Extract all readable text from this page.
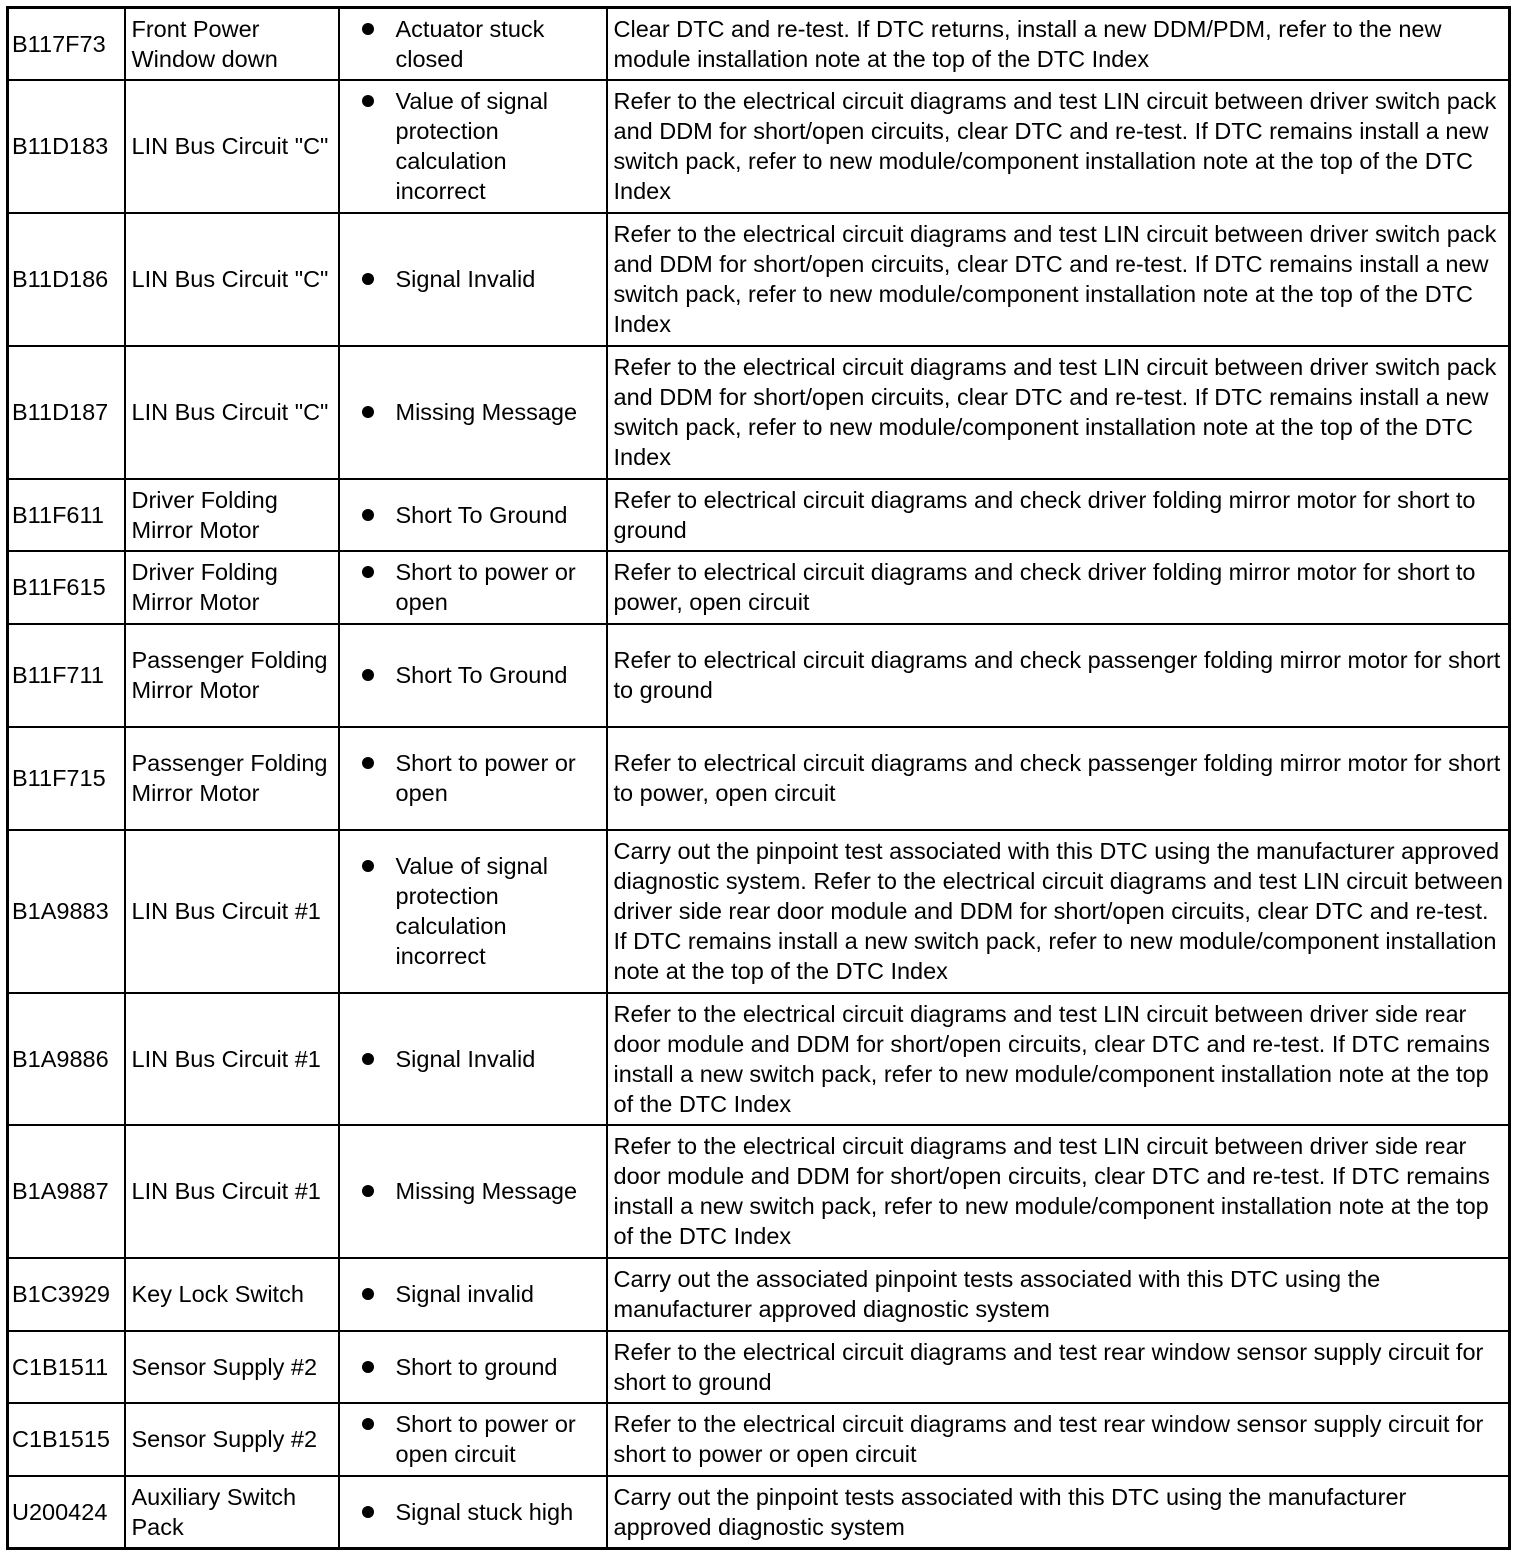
B117F73	Front Power Window down	Actuator stuck closed	Clear DTC and re-test. If DTC returns, install a new DDM/PDM, refer to the new module installation note at the top of the DTC Index
B11D183	LIN Bus Circuit "C"	Value of signal protection calculation incorrect	Refer to the electrical circuit diagrams and test LIN circuit between driver switch pack and DDM for short/open circuits, clear DTC and re-test. If DTC remains install a new switch pack, refer to new module/component installation note at the top of the DTC Index
B11D186	LIN Bus Circuit "C"	Signal Invalid	Refer to the electrical circuit diagrams and test LIN circuit between driver switch pack and DDM for short/open circuits, clear DTC and re-test. If DTC remains install a new switch pack, refer to new module/component installation note at the top of the DTC Index
B11D187	LIN Bus Circuit "C"	Missing Message	Refer to the electrical circuit diagrams and test LIN circuit between driver switch pack and DDM for short/open circuits, clear DTC and re-test. If DTC remains install a new switch pack, refer to new module/component installation note at the top of the DTC Index
B11F611	Driver Folding Mirror Motor	Short To Ground	Refer to electrical circuit diagrams and check driver folding mirror motor for short to ground
B11F615	Driver Folding Mirror Motor	Short to power or open	Refer to electrical circuit diagrams and check driver folding mirror motor for short to power, open circuit
B11F711	Passenger Folding Mirror Motor	Short To Ground	Refer to electrical circuit diagrams and check passenger folding mirror motor for short to ground
B11F715	Passenger Folding Mirror Motor	Short to power or open	Refer to electrical circuit diagrams and check passenger folding mirror motor for short to power, open circuit
B1A9883	LIN Bus Circuit #1	Value of signal protection calculation incorrect	Carry out the pinpoint test associated with this DTC using the manufacturer approved diagnostic system. Refer to the electrical circuit diagrams and test LIN circuit between driver side rear door module and DDM for short/open circuits, clear DTC and re-test. If DTC remains install a new switch pack, refer to new module/component installation note at the top of the DTC Index
B1A9886	LIN Bus Circuit #1	Signal Invalid	Refer to the electrical circuit diagrams and test LIN circuit between driver side rear door module and DDM for short/open circuits, clear DTC and re-test. If DTC remains install a new switch pack, refer to new module/component installation note at the top of the DTC Index
B1A9887	LIN Bus Circuit #1	Missing Message	Refer to the electrical circuit diagrams and test LIN circuit between driver side rear door module and DDM for short/open circuits, clear DTC and re-test. If DTC remains install a new switch pack, refer to new module/component installation note at the top of the DTC Index
B1C3929	Key Lock Switch	Signal invalid	Carry out the associated pinpoint tests associated with this DTC using the manufacturer approved diagnostic system
C1B1511	Sensor Supply #2	Short to ground	Refer to the electrical circuit diagrams and test rear window sensor supply circuit for short to ground
C1B1515	Sensor Supply #2	Short to power or open circuit	Refer to the electrical circuit diagrams and test rear window sensor supply circuit for short to power or open circuit
U200424	Auxiliary Switch Pack	Signal stuck high	Carry out the pinpoint tests associated with this DTC using the manufacturer approved diagnostic system
